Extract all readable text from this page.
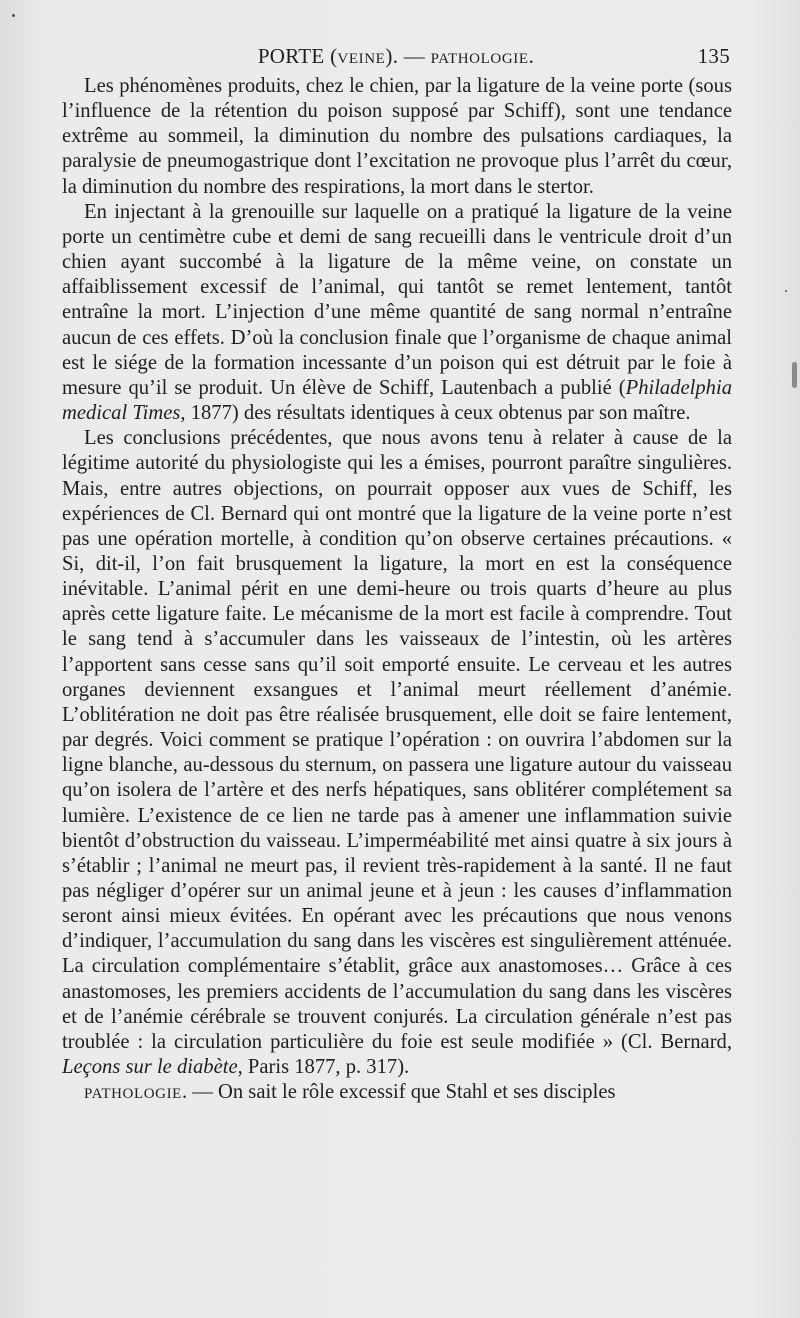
PORTE (VEINE). — PATHOLOGIE.	135

Les phénomènes produits, chez le chien, par la ligature de la veine porte (sous l’influence de la rétention du poison supposé par Schiff), sont une tendance extrême au sommeil, la diminution du nombre des pulsations cardiaques, la paralysie de pneumogastrique dont l’excitation ne provoque plus l’arrêt du cœur, la diminution du nombre des respirations, la mort dans le stertor.

En injectant à la grenouille sur laquelle on a pratiqué la ligature de la veine porte un centimètre cube et demi de sang recueilli dans le ventricule droit d’un chien ayant succombé à la ligature de la même veine, on constate un affaiblissement excessif de l’animal, qui tantôt se remet lentement, tantôt entraîne la mort. L’injection d’une même quantité de sang normal n’entraîne aucun de ces effets. D’où la conclusion finale que l’organisme de chaque animal est le siége de la formation incessante d’un poison qui est détruit par le foie à mesure qu’il se produit. Un élève de Schiff, Lautenbach a publié (Philadelphia medical Times, 1877) des résultats identiques à ceux obtenus par son maître.

Les conclusions précédentes, que nous avons tenu à relater à cause de la légitime autorité du physiologiste qui les a émises, pourront paraître singulières. Mais, entre autres objections, on pourrait opposer aux vues de Schiff, les expériences de Cl. Bernard qui ont montré que la ligature de la veine porte n’est pas une opération mortelle, à condition qu’on observe certaines précautions. « Si, dit-il, l’on fait brusquement la ligature, la mort en est la conséquence inévitable. L’animal périt en une demi-heure ou trois quarts d’heure au plus après cette ligature faite. Le mécanisme de la mort est facile à comprendre. Tout le sang tend à s’accumuler dans les vaisseaux de l’intestin, où les artères l’apportent sans cesse sans qu’il soit emporté ensuite. Le cerveau et les autres organes deviennent exsangues et l’animal meurt réellement d’anémie. L’oblitération ne doit pas être réalisée brusquement, elle doit se faire lentement, par degrés. Voici comment se pratique l’opération : on ouvrira l’abdomen sur la ligne blanche, au-dessous du sternum, on passera une ligature autour du vaisseau qu’on isolera de l’artère et des nerfs hépatiques, sans oblitérer complétement sa lumière. L’existence de ce lien ne tarde pas à amener une inflammation suivie bientôt d’obstruction du vaisseau. L’imperméabilité met ainsi quatre à six jours à s’établir ; l’animal ne meurt pas, il revient très-rapidement à la santé. Il ne faut pas négliger d’opérer sur un animal jeune et à jeun : les causes d’inflammation seront ainsi mieux évitées. En opérant avec les précautions que nous venons d’indiquer, l’accumulation du sang dans les viscères est singulièrement atténuée. La circulation complémentaire s’établit, grâce aux anastomoses… Grâce à ces anastomoses, les premiers accidents de l’accumulation du sang dans les viscères et de l’anémie cérébrale se trouvent conjurés. La circulation générale n’est pas troublée : la circulation particulière du foie est seule modifiée » (Cl. Bernard, Leçons sur le diabète, Paris 1877, p. 317).

PATHOLOGIE. — On sait le rôle excessif que Stahl et ses disciples
